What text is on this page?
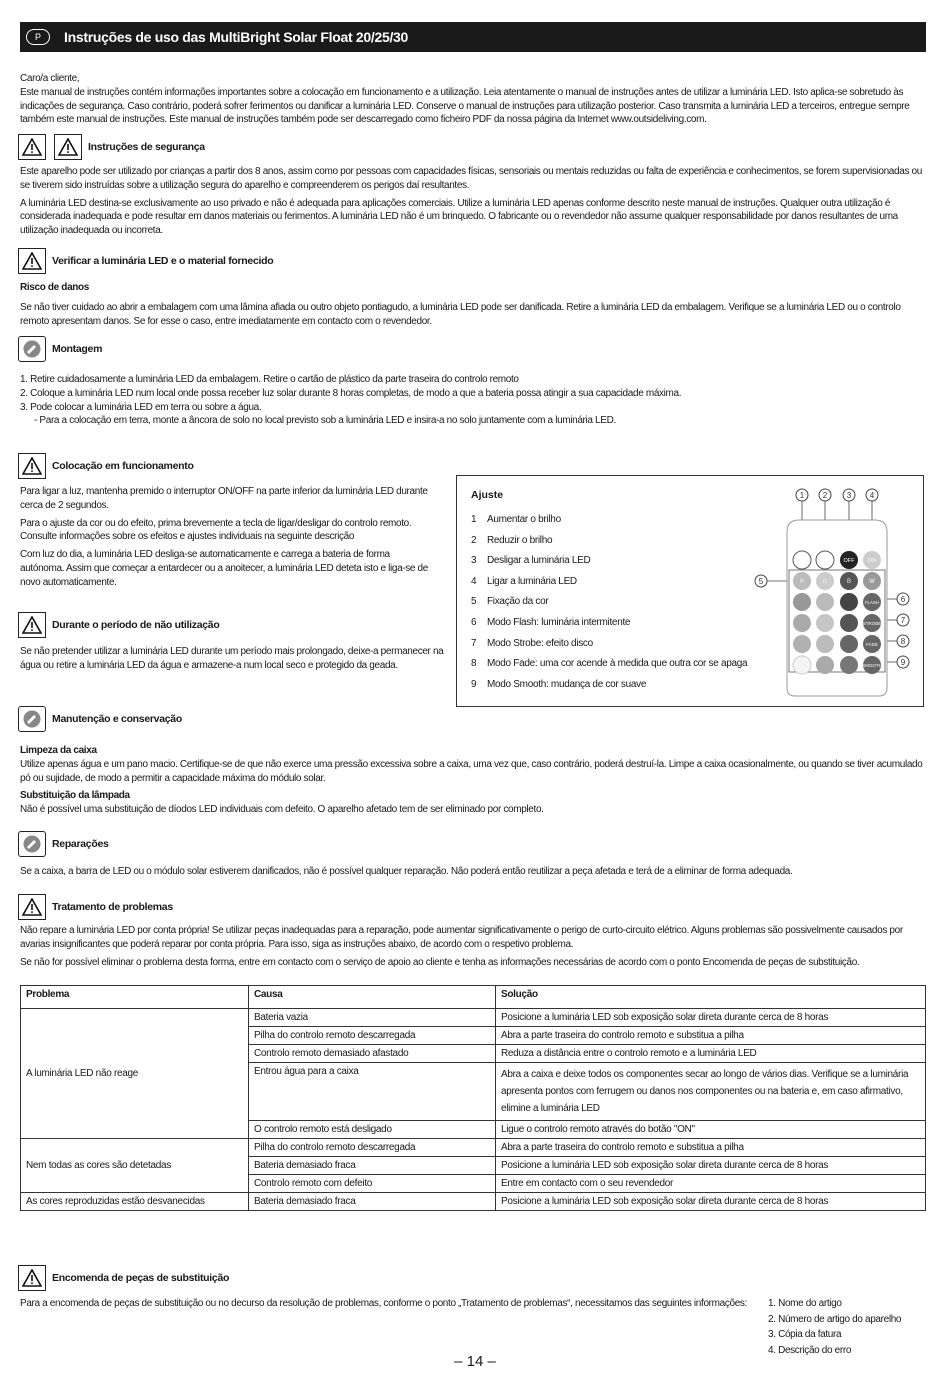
P	Instruções de uso das MultiBright Solar Float 20/25/30
Caro/a cliente,
Este manual de instruções contém informações importantes sobre a colocação em funcionamento e a utilização. Leia atentamente o manual de instruções antes de utilizar a luminária LED. Isto aplica-se sobretudo às indicações de segurança. Caso contrário, poderá sofrer ferimentos ou danificar a luminária LED. Conserve o manual de instruções para utilização posterior. Caso transmita a luminária LED a terceiros, entregue sempre também este manual de instruções. Este manual de instruções também pode ser descarregado como ficheiro PDF da nossa página da Internet www.outsideliving.com.
Instruções de segurança

Este aparelho pode ser utilizado por crianças a partir dos 8 anos, assim como por pessoas com capacidades físicas, sensoriais ou mentais reduzidas ou falta de experiência e conhecimentos, se forem supervisionadas ou se tiverem sido instruídas sobre a utilização segura do aparelho e compreenderem os perigos daí resultantes.

A luminária LED destina-se exclusivamente ao uso privado e não é adequada para aplicações comerciais. Utilize a luminária LED apenas conforme descrito neste manual de instruções. Qualquer outra utilização é considerada inadequada e pode resultar em danos materiais ou ferimentos. A luminária LED não é um brinquedo. O fabricante ou o revendedor não assume qualquer responsabilidade por danos resultantes de uma utilização inadequada ou incorreta.

Verificar a luminária LED e o material fornecido

Risco de danos

Se não tiver cuidado ao abrir a embalagem com uma lâmina afiada ou outro objeto pontiagudo, a luminária LED pode ser danificada. Retire a luminária LED da embalagem. Verifique se a luminária LED ou o controlo remoto apresentam danos. Se for esse o caso, entre imediatamente em contacto com o revendedor.

Montagem
1. Retire cuidadosamente a luminária LED da embalagem. Retire o cartão de plástico da parte traseira do controlo remoto
2. Coloque a luminária LED num local onde possa receber luz solar durante 8 horas completas, de modo a que a bateria possa atingir a sua capacidade máxima.
3. Pode colocar a luminária LED em terra ou sobre a água.
- Para a colocação em terra, monte a âncora de solo no local previsto sob a luminária LED e insira-a no solo juntamente com a luminária LED.
Colocação em funcionamento

Para ligar a luz, mantenha premido o interruptor ON/OFF na parte inferior da luminária LED durante cerca de 2 segundos.

Para o ajuste da cor ou do efeito, prima brevemente a tecla de ligar/desligar do controlo remoto. Consulte informações sobre os efeitos e ajustes individuais na seguinte descrição

Com luz do dia, a luminária LED desliga-se automaticamente e carrega a bateria de forma autónoma. Assim que começar a entardecer ou a anoitecer, a luminária LED deteta isto e liga-se de novo automaticamente.

Durante o período de não utilização
Se não pretender utilizar a luminária LED durante um período mais prolongado, deixe-a permanecer na água ou retire a luminária LED da água e armazene-a num local seco e protegido da geada.
Ajuste
1 Aumentar o brilho
2 Reduzir o brilho
3 Desligar a luminária LED
4 Ligar a luminária LED
5 Fixação da cor
6 Modo Flash: luminária intermitente
7 Modo Strobe: efeito disco
8 Modo Fade: uma cor acende à medida que outra cor se apaga
9 Modo Smooth: mudança de cor suave
1 2 3 4
5
6
7
8
9
OFF ON
R	G	B	W
FLASH
STROBE
FADE
SMOOTH
Manutenção e conservação
Limpeza da caixa

Utilize apenas água e um pano macio. Certifique-se de que não exerce uma pressão excessiva sobre a caixa, uma vez que, caso contrário, poderá destruí-la. Limpe a caixa ocasionalmente, ou quando se tiver acumulado pó ou sujidade, de modo a permitir a capacidade máxima do módulo solar.

Substituição da lâmpada

Não é possível uma substituição de díodos LED individuais com defeito. O aparelho afetado tem de ser eliminado por completo.

Reparações
Se a caixa, a barra de LED ou o módulo solar estiverem danificados, não é possível qualquer reparação. Não poderá então reutilizar a peça afetada e terá de a eliminar de forma adequada.
Tratamento de problemas

Não repare a luminária LED por conta própria! Se utilizar peças inadequadas para a reparação, pode aumentar significativamente o perigo de curto-circuito elétrico. Alguns problemas são possivelmente causados por avarias insignificantes que poderá reparar por conta própria. Para isso, siga as instruções abaixo, de acordo com o respetivo problema.

Se não for possível eliminar o problema desta forma, entre em contacto com o serviço de apoio ao cliente e tenha as informações necessárias de acordo com o ponto Encomenda de peças de substituição.

Problema	Causa	Solução
A luminária LED não reage	Bateria vazia	Posicione a luminária LED sob exposição solar direta durante cerca de 8 horas
	Pilha do controlo remoto descarregada	Abra a parte traseira do controlo remoto e substitua a pilha
	Controlo remoto demasiado afastado	Reduza a distância entre o controlo remoto e a luminária LED
	Entrou água para a caixa	Abra a caixa e deixe todos os componentes secar ao longo de vários dias. Verifique se a luminária apresenta pontos com ferrugem ou danos nos componentes ou na bateria e, em caso afirmativo, elimine a luminária LED
	O controlo remoto está desligado	Ligue o controlo remoto através do botão "ON"
Nem todas as cores são detetadas	Pilha do controlo remoto descarregada	Abra a parte traseira do controlo remoto e substitua a pilha
	Bateria demasiado fraca	Posicione a luminária LED sob exposição solar direta durante cerca de 8 horas
	Controlo remoto com defeito	Entre em contacto com o seu revendedor
As cores reproduzidas estão desvanecidas	Bateria demasiado fraca	Posicione a luminária LED sob exposição solar direta durante cerca de 8 horas
Encomenda de peças de substituição
Para a encomenda de peças de substituição ou no decurso da resolução de problemas, conforme o ponto „Tratamento de problemas“, necessitamos das seguintes informações:	1. Nome do artigo
2. Número de artigo do aparelho
3. Cópia da fatura
4. Descrição do erro
– 14 –
